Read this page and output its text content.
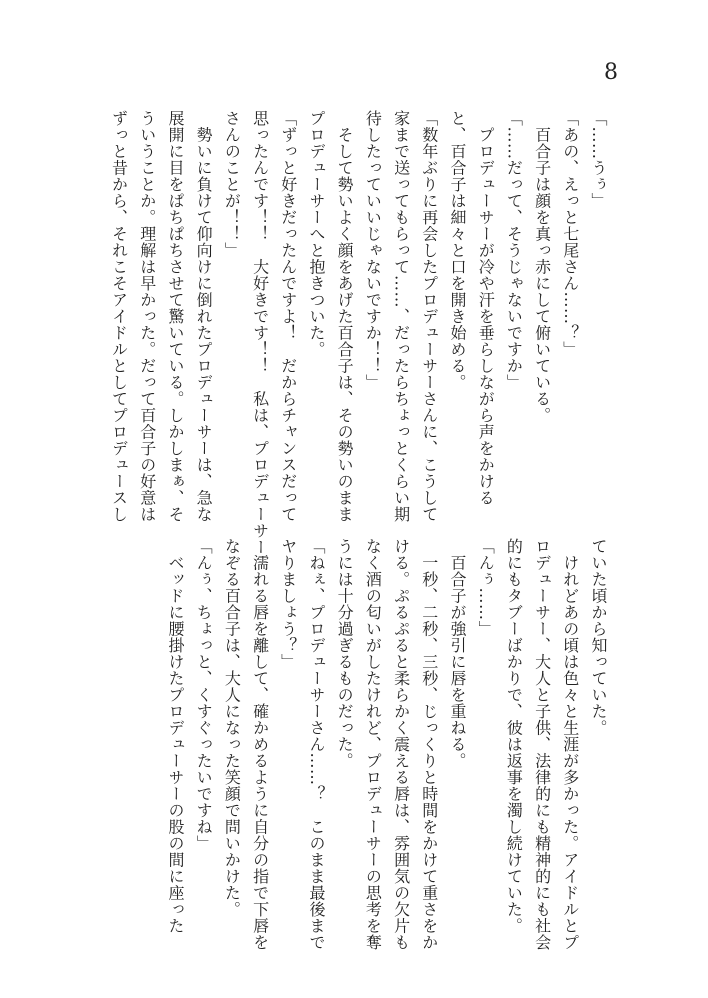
8
「……うぅ」
「あの、えっと七尾さん……？」
　百合子は顔を真っ赤にして俯いている。
「……だって、そうじゃないですか」
　プロデューサーが冷や汗を垂らしながら声をかける
と、百合子は細々と口を開き始める。
「数年ぶりに再会したプロデューサーさんに、こうして
家まで送ってもらって……、だったらちょっとくらい期
待したっていいじゃないですか！！」
　そして勢いよく顔をあげた百合子は、その勢いのまま
プロデューサーへと抱きついた。
「ずっと好きだったんですよ！　だからチャンスだって
思ったんです！！　大好きです！！　私は、プロデューサー
さんのことが！！」
　勢いに負けて仰向けに倒れたプロデューサーは、急な
展開に目をぱちぱちさせて驚いている。しかしまぁ、そ
ういうことか。理解は早かった。だって百合子の好意は
ずっと昔から、それこそアイドルとしてプロデュースし
ていた頃から知っていた。
　けれどあの頃は色々と生涯が多かった。アイドルとプ
ロデューサー、大人と子供、法律的にも精神的にも社会
的にもタブーばかりで、彼は返事を濁し続けていた。
「んぅ……」
　百合子が強引に唇を重ねる。
　一秒、二秒、三秒、じっくりと時間をかけて重さをか
ける。ぷるぷると柔らかく震える唇は、雰囲気の欠片も
なく酒の匂いがしたけれど、プロデューサーの思考を奪
うには十分過ぎるものだった。
「ねぇ、プロデューサーさん……？　このまま最後まで
ヤりましょう？」
　濡れる唇を離して、確かめるように自分の指で下唇を
なぞる百合子は、大人になった笑顔で問いかけた。
「んぅ、ちょっと、くすぐったいですね」
　ベッドに腰掛けたプロデューサーの股の間に座った
